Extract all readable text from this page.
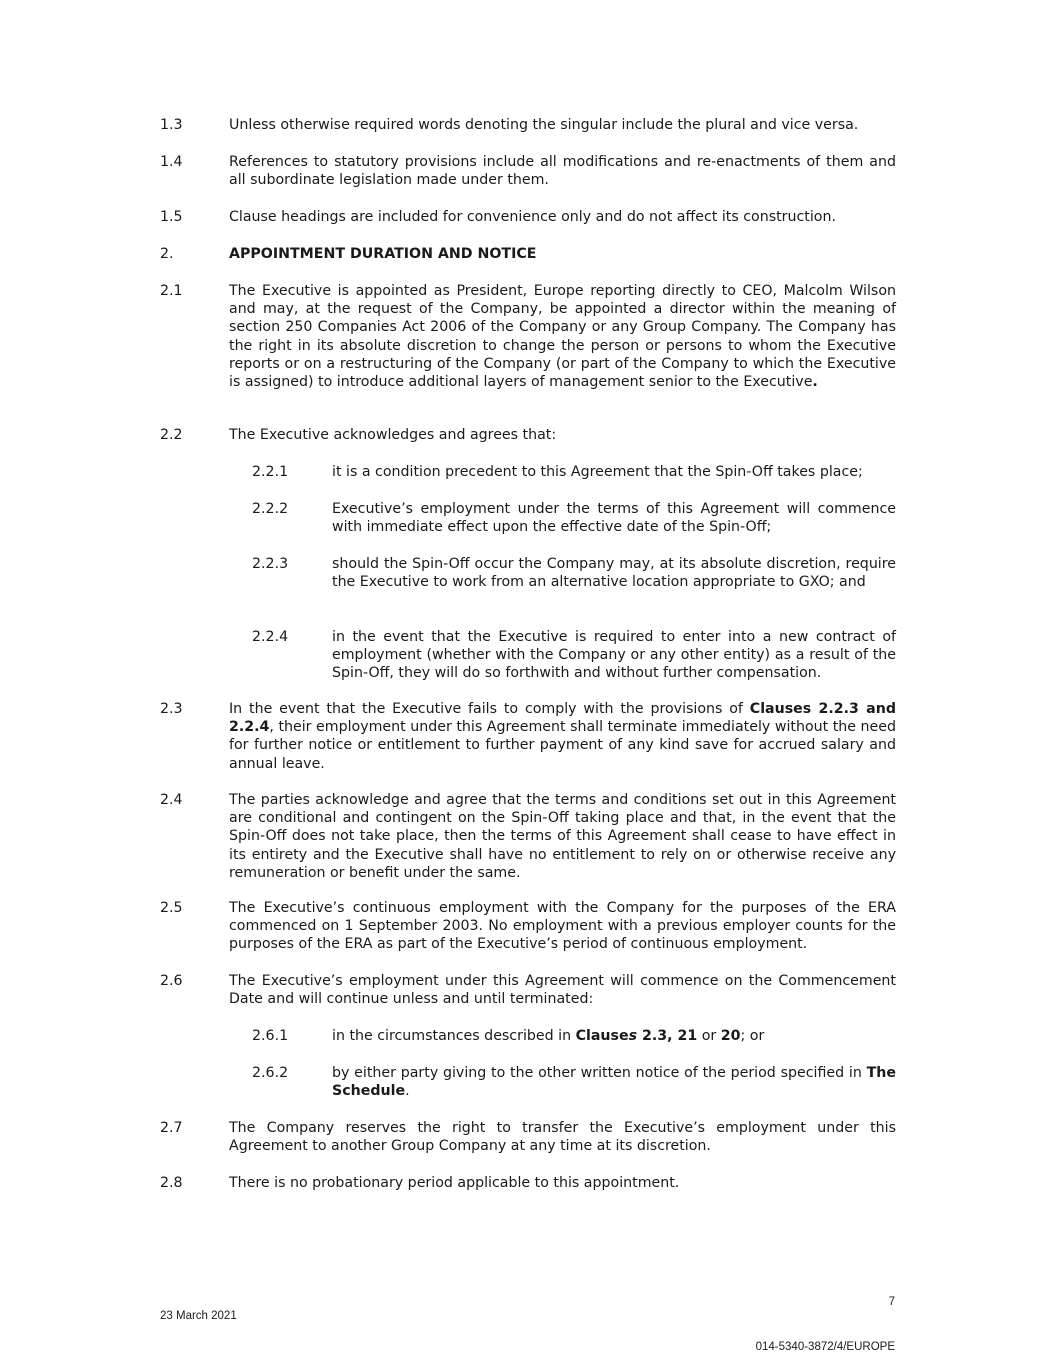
1.3	Unless otherwise required words denoting the singular include the plural and vice versa.
1.4	References to statutory provisions include all modifications and re-enactments of them and all subordinate legislation made under them.
1.5	Clause headings are included for convenience only and do not affect its construction.
2.	APPOINTMENT DURATION AND NOTICE
2.1	The Executive is appointed as President, Europe reporting directly to CEO, Malcolm Wilson and may, at the request of the Company, be appointed a director within the meaning of section 250 Companies Act 2006 of the Company or any Group Company. The Company has the right in its absolute discretion to change the person or persons to whom the Executive reports or on a restructuring of the Company (or part of the Company to which the Executive is assigned) to introduce additional layers of management senior to the Executive.
2.2	The Executive acknowledges and agrees that:
2.2.1	it is a condition precedent to this Agreement that the Spin-Off takes place;
2.2.2	Executive’s employment under the terms of this Agreement will commence with immediate effect upon the effective date of the Spin-Off;
2.2.3	should the Spin-Off occur the Company may, at its absolute discretion, require the Executive to work from an alternative location appropriate to GXO; and
2.2.4	in the event that the Executive is required to enter into a new contract of employment (whether with the Company or any other entity) as a result of the Spin-Off, they will do so forthwith and without further compensation.
2.3	In the event that the Executive fails to comply with the provisions of Clauses 2.2.3 and 2.2.4, their employment under this Agreement shall terminate immediately without the need for further notice or entitlement to further payment of any kind save for accrued salary and annual leave.
2.4	The parties acknowledge and agree that the terms and conditions set out in this Agreement are conditional and contingent on the Spin-Off taking place and that, in the event that the Spin-Off does not take place, then the terms of this Agreement shall cease to have effect in its entirety and the Executive shall have no entitlement to rely on or otherwise receive any remuneration or benefit under the same.
2.5	The Executive’s continuous employment with the Company for the purposes of the ERA commenced on 1 September 2003. No employment with a previous employer counts for the purposes of the ERA as part of the Executive’s period of continuous employment.
2.6	The Executive’s employment under this Agreement will commence on the Commencement Date and will continue unless and until terminated:
2.6.1	in the circumstances described in Clauses 2.3, 21 or 20; or
2.6.2	by either party giving to the other written notice of the period specified in The Schedule.
2.7	The Company reserves the right to transfer the Executive’s employment under this Agreement to another Group Company at any time at its discretion.
2.8	There is no probationary period applicable to this appointment.
7
23 March 2021
014-5340-3872/4/EUROPE
